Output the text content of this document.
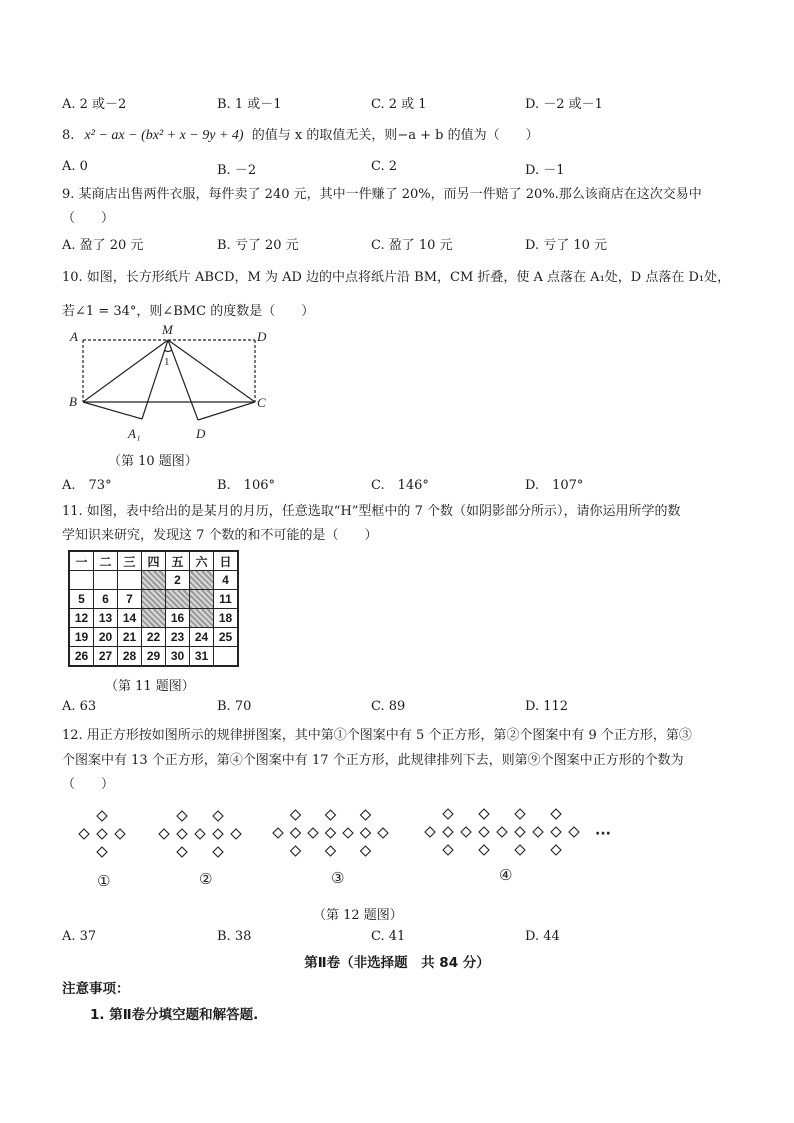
A. 2 或－2	B. 1 或－1	C. 2 或 1	D. －2 或－1
8. x² − ax − (bx² + x − 9y + 4) 的值与 x 的取值无关，则−a + b 的值为（　　）
A. 0	B. －2	C. 2	D. －1
9. 某商店出售两件衣服，每件卖了 240 元，其中一件赚了 20%，而另一件赔了 20%.那么该商店在这次交易中
（　　）
A. 盈了 20 元	B. 亏了 20 元	C. 盈了 10 元	D. 亏了 10 元
10. 如图，长方形纸片 ABCD，M 为 AD 边的中点将纸片沿 BM，CM 折叠，使 A 点落在 A₁处，D 点落在 D₁处，
若∠1 = 34°，则∠BMC 的度数是（　　）
A	M	D
B	C
A₁	D
1
（第 10 题图）
A.　73°	B.　106°	C.　146°	D.　107°
11. 如图，表中给出的是某月的月历，任意选取“H”型框中的 7 个数（如阴影部分所示），请你运用所学的数
学知识来研究，发现这 7 个数的和不可能的是（　　）
一	二	三	四	五	六	日
				2		4
5	6	7				11
12	13	14		16		18
19	20	21	22	23	24	25
26	27	28	29	30	31	
（第 11 题图）
A. 63	B. 70	C. 89	D. 112
12. 用正方形按如图所示的规律拼图案，其中第①个图案中有 5 个正方形，第②个图案中有 9 个正方形，第③
个图案中有 13 个正方形，第④个图案中有 17 个正方形，此规律排列下去，则第⑨个图案中正方形的个数为
（　　）
①	②	③	④
···
（第 12 题图）
A. 37	B. 38	C. 41	D. 44
第Ⅱ卷（非选择题　共 84 分）
注意事项：
1. 第Ⅱ卷分填空题和解答题.
